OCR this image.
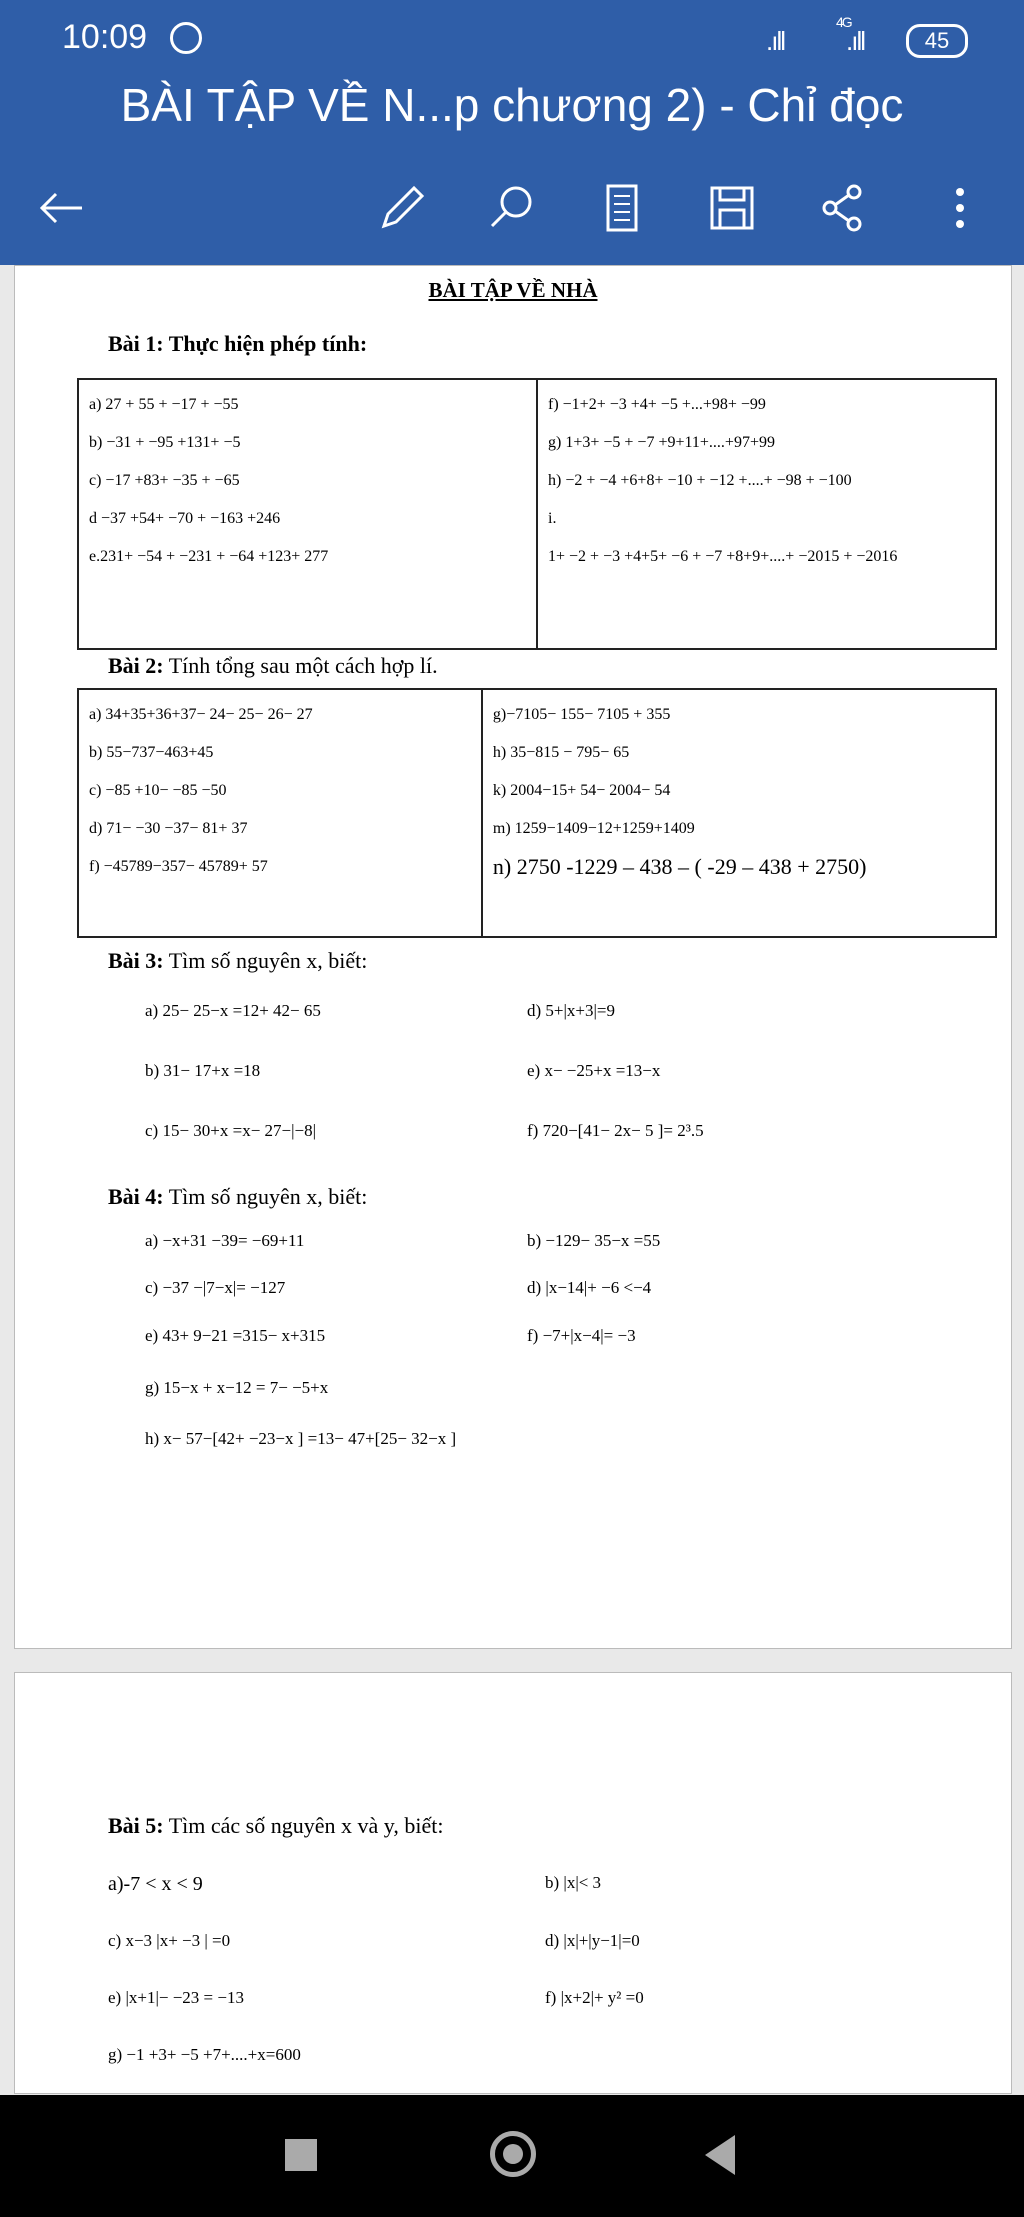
10:09	.ıll
4G
.ıll	45
BÀI TẬP VỀ N...p chương 2) - Chỉ đọc
BÀI TẬP VỀ NHÀ
Bài 1: Thực hiện phép tính:
a) 27 + 55 + −17 + −55
b) −31 + −95 +131+ −5
c) −17 +83+ −35 + −65
d −37 +54+ −70 + −163 +246
e.231+ −54 + −231 + −64 +123+ 277

f) −1+2+ −3 +4+ −5 +...+98+ −99
g) 1+3+ −5 + −7 +9+11+....+97+99
h) −2 + −4 +6+8+ −10 + −12 +....+ −98 + −100
i.
1+ −2 + −3 +4+5+ −6 + −7 +8+9+....+ −2015 + −2016
Bài 2: Tính tổng sau một cách hợp lí.
a) 34+35+36+37− 24− 25− 26− 27
b) 55−737−463+45
c) −85 +10− −85 −50
d) 71− −30 −37− 81+ 37
f) −45789−357− 45789+ 57

g)−7105− 155− 7105 + 355
h) 35−815 − 795− 65
k) 2004−15+ 54− 2004− 54
m) 1259−1409−12+1259+1409
n) 2750 -1229 – 438 – ( -29 – 438 + 2750)
Bài 3: Tìm số nguyên x, biết:
a) 25− 25−x =12+ 42− 65	d) 5+|x+3|=9
b) 31− 17+x =18	e) x− −25+x =13−x
c) 15− 30+x =x− 27−|−8|	f) 720−[41− 2x− 5 ]= 2³.5
Bài 4: Tìm số nguyên x, biết:
a) −x+31 −39= −69+11	b) −129− 35−x =55
c) −37 −|7−x|= −127	d) |x−14|+ −6 <−4
e) 43+ 9−21 =315− x+315	f) −7+|x−4|= −3
g) 15−x + x−12 = 7− −5+x
h) x− 57−[42+ −23−x ] =13− 47+[25− 32−x ]
Bài 5: Tìm các số nguyên x và y, biết:
a)-7 < x < 9	b) |x|< 3
c) x−3 |x+ −3 | =0	d) |x|+|y−1|=0
e) |x+1|− −23 = −13	f) |x+2|+ y² =0
g) −1 +3+ −5 +7+....+x=600
